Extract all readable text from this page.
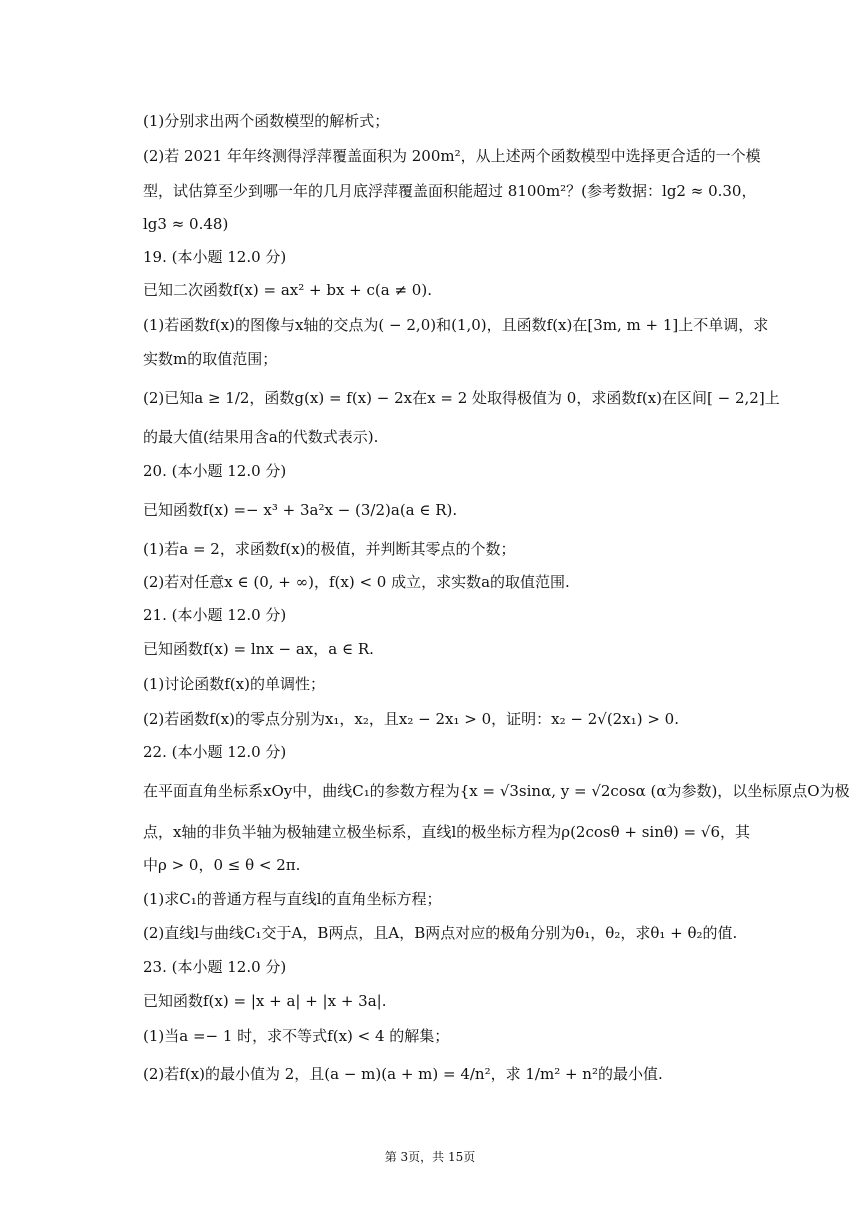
(1)分别求出两个函数模型的解析式；
(2)若 2021 年年终测得浮萍覆盖面积为 200m²，从上述两个函数模型中选择更合适的一个模
型，试估算至少到哪一年的几月底浮萍覆盖面积能超过 8100m²？(参考数据：lg2 ≈ 0.30，
lg3 ≈ 0.48)
19. (本小题 12.0 分)
已知二次函数f(x) = ax² + bx + c(a ≠ 0).
(1)若函数f(x)的图像与x轴的交点为( − 2,0)和(1,0)，且函数f(x)在[3m, m + 1]上不单调，求
实数m的取值范围；
(2)已知a ≥ 1/2，函数g(x) = f(x) − 2x在x = 2 处取得极值为 0，求函数f(x)在区间[ − 2,2]上
的最大值(结果用含a的代数式表示).
20. (本小题 12.0 分)
已知函数f(x) =− x³ + 3a²x − (3/2)a(a ∈ R).
(1)若a = 2，求函数f(x)的极值，并判断其零点的个数；
(2)若对任意x ∈ (0, + ∞)，f(x) < 0 成立，求实数a的取值范围.
21. (本小题 12.0 分)
已知函数f(x) = lnx − ax，a ∈ R.
(1)讨论函数f(x)的单调性；
(2)若函数f(x)的零点分别为x₁，x₂，且x₂ − 2x₁ > 0，证明：x₂ − 2√(2x₁) > 0.
22. (本小题 12.0 分)
在平面直角坐标系xOy中，曲线C₁的参数方程为{x = √3sinα, y = √2cosα (α为参数)，以坐标原点O为极
点，x轴的非负半轴为极轴建立极坐标系，直线l的极坐标方程为ρ(2cosθ + sinθ) = √6，其
中ρ > 0，0 ≤ θ < 2π.
(1)求C₁的普通方程与直线l的直角坐标方程；
(2)直线l与曲线C₁交于A，B两点，且A，B两点对应的极角分别为θ₁，θ₂，求θ₁ + θ₂的值.
23. (本小题 12.0 分)
已知函数f(x) = |x + a| + |x + 3a|.
(1)当a =− 1 时，求不等式f(x) < 4 的解集；
(2)若f(x)的最小值为 2，且(a − m)(a + m) = 4/n²，求 1/m² + n²的最小值.
第 3页，共 15页
